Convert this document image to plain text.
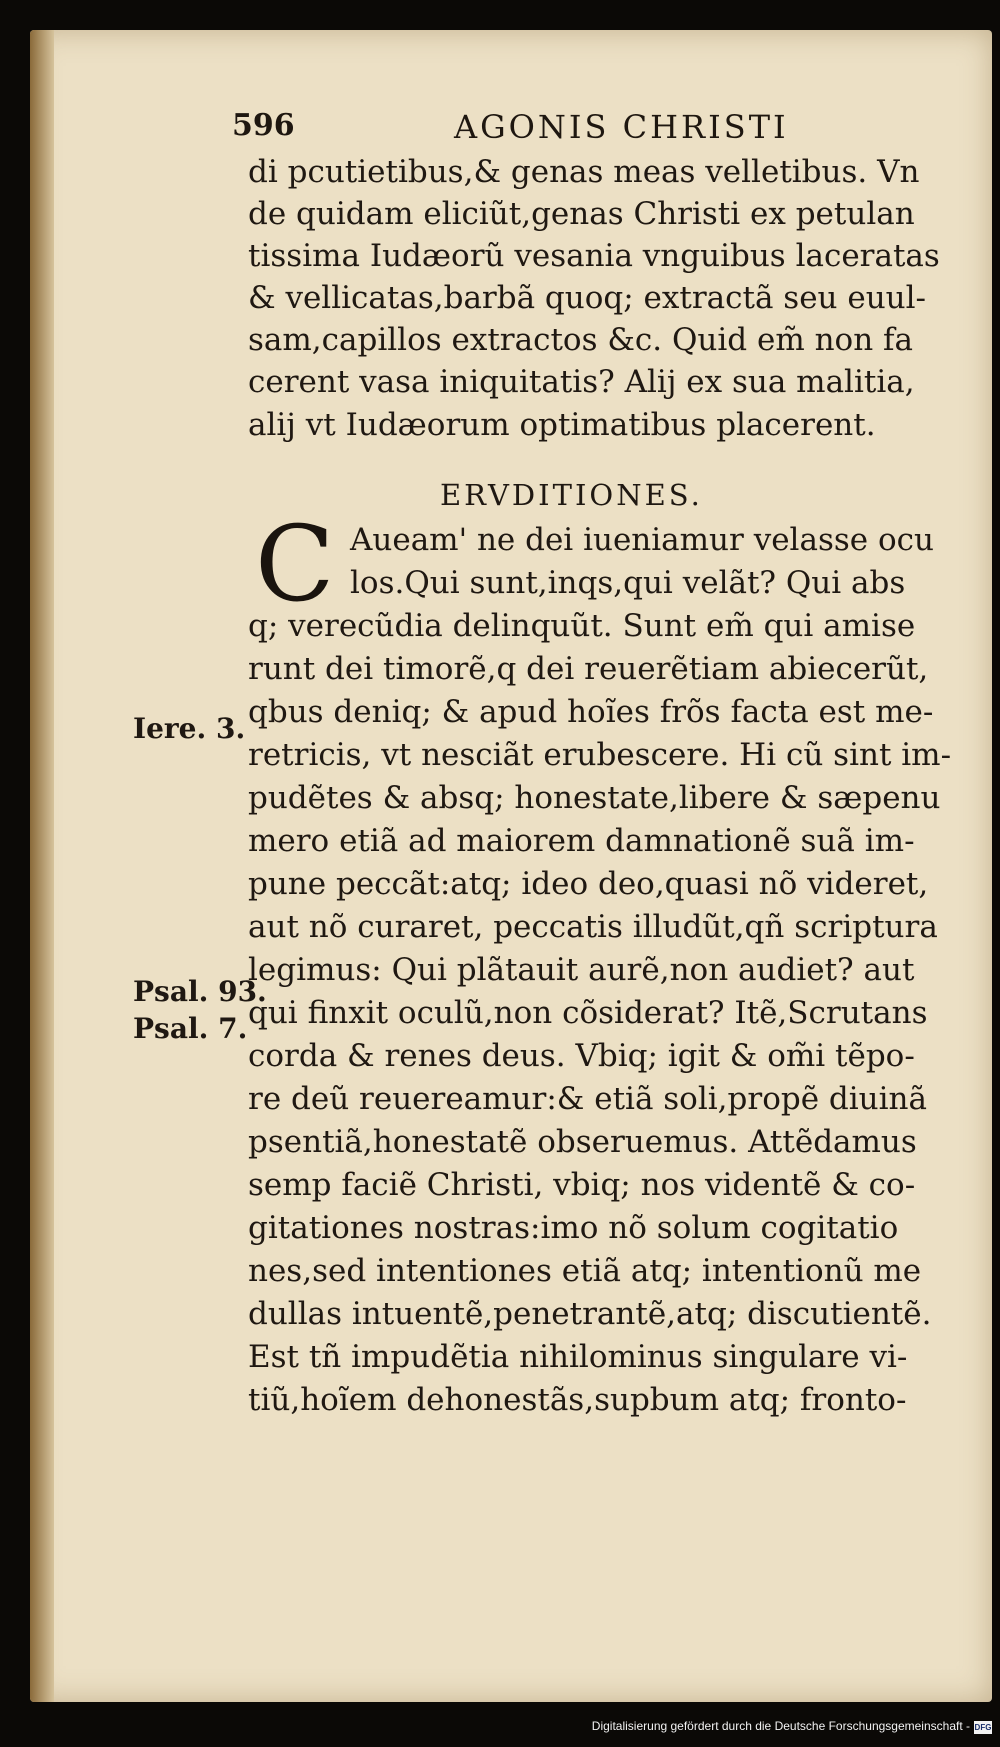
596	AGONIS CHRISTI
di pcutietibus,& genas meas velletibus. Vn
de quidam eliciũt,genas Christi ex petulan
tissima Iudæorũ vesania vnguibus laceratas
& vellicatas,barbã quoq; extractã seu euul-
sam,capillos extractos &c. Quid em̃ non fa
cerent vasa iniquitatis? Alij ex sua malitia,
alij vt Iudæorum optimatibus placerent.
ERVDITIONES.
C Aueam' ne dei iueniamur velasse ocu
los.Qui sunt,inqs,qui velãt? Qui abs
q; verecũdia delinquũt. Sunt em̃ qui amise
runt dei timorẽ,q dei reuerẽtiam abiecerũt,
qbus deniq; & apud hoĩes frõs facta est me-
retricis, vt nesciãt erubescere. Hi cũ sint im-
pudẽtes & absq; honestate,libere & sæpenu
mero etiã ad maiorem damnationẽ suã im-
pune peccãt:atq; ideo deo,quasi nõ videret,
aut nõ curaret, peccatis illudũt,qñ scriptura
legimus: Qui plãtauit aurẽ,non audiet? aut
qui finxit oculũ,non cõsiderat? Itẽ,Scrutans
corda & renes deus. Vbiq; igit & om̃i tẽpo-
re deũ reuereamur:& etiã soli,propẽ diuinã
psentiã,honestatẽ obseruemus. Attẽdamus
semp faciẽ Christi, vbiq; nos videntẽ & co-
gitationes nostras:imo nõ solum cogitatio
nes,sed intentiones etiã atq; intentionũ me
dullas intuentẽ,penetrantẽ,atq; discutientẽ.
Est tñ impudẽtia nihilominus singulare vi-
tiũ,hoĩem dehonestãs,supbum atq; fronto-
Iere. 3.
Psal. 93.
Psal. 7.
Digitalisierung gefördert durch die Deutsche Forschungsgemeinschaft - DFG
